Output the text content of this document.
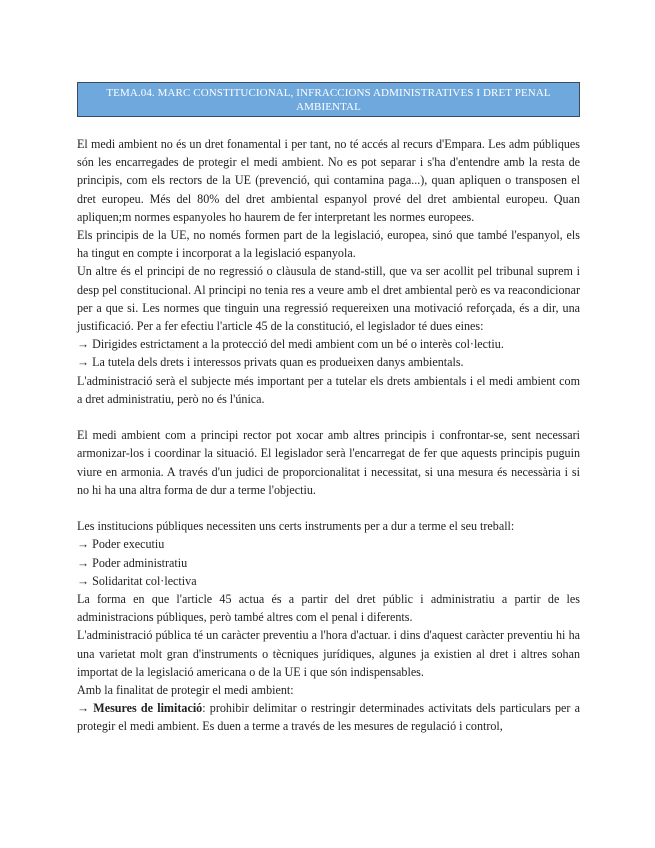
TEMA.04. MARC CONSTITUCIONAL, INFRACCIONS ADMINISTRATIVES I DRET PENAL AMBIENTAL

El medi ambient no és un dret fonamental i per tant, no té accés al recurs d'Empara. Les adm públiques són les encarregades de protegir el medi ambient. No es pot separar i s'ha d'entendre amb la resta de principis, com els rectors de la UE (prevenció, qui contamina paga...), quan apliquen o transposen el dret europeu. Més del 80% del dret ambiental espanyol prové del dret ambiental europeu. Quan apliquen;m normes espanyoles ho haurem de fer interpretant les normes europees.

Els principis de la UE, no només formen part de la legislació, europea, sinó que també l'espanyol, els ha tingut en compte i incorporat a la legislació espanyola.

Un altre és el principi de no regressió o clàusula de stand-still, que va ser acollit pel tribunal suprem i desp pel constitucional. Al principi no tenia res a veure amb el dret ambiental però es va reacondicionar per a que si. Les normes que tinguin una regressió requereixen una motivació reforçada, és a dir, una justificació. Per a fer efectiu l'article 45 de la constitució, el legislador té dues eines:

→ Dirigides estrictament a la protecció del medi ambient com un bé o interès col·lectiu.

→ La tutela dels drets i interessos privats quan es produeixen danys ambientals.

L'administració serà el subjecte més important per a tutelar els drets ambientals i el medi ambient com a dret administratiu, però no és l'única.

El medi ambient com a principi rector pot xocar amb altres principis i confrontar-se, sent necessari armonizar-los i coordinar la situació. El legislador serà l'encarregat de fer que aquests principis puguin viure en armonia. A través d'un judici de proporcionalitat i necessitat, si una mesura és necessària i si no hi ha una altra forma de dur a terme l'objectiu.

Les institucions públiques necessiten uns certs instruments per a dur a terme el seu treball:

→ Poder executiu

→ Poder administratiu

→ Solidaritat col·lectiva

La forma en que l'article 45 actua és a partir del dret públic i administratiu a partir de les administracions públiques, però també altres com el penal i diferents.

L'administració pública té un caràcter preventiu a l'hora d'actuar. i dins d'aquest caràcter preventiu hi ha una varietat molt gran d'instruments o tècniques jurídiques, algunes ja existien al dret i altres sohan importat de la legislació americana o de la UE i que són indispensables.

Amb la finalitat de protegir el medi ambient:

→ Mesures de limitació: prohibir delimitar o restringir determinades activitats dels particulars per a protegir el medi ambient. Es duen a terme a través de les mesures de regulació i control,
